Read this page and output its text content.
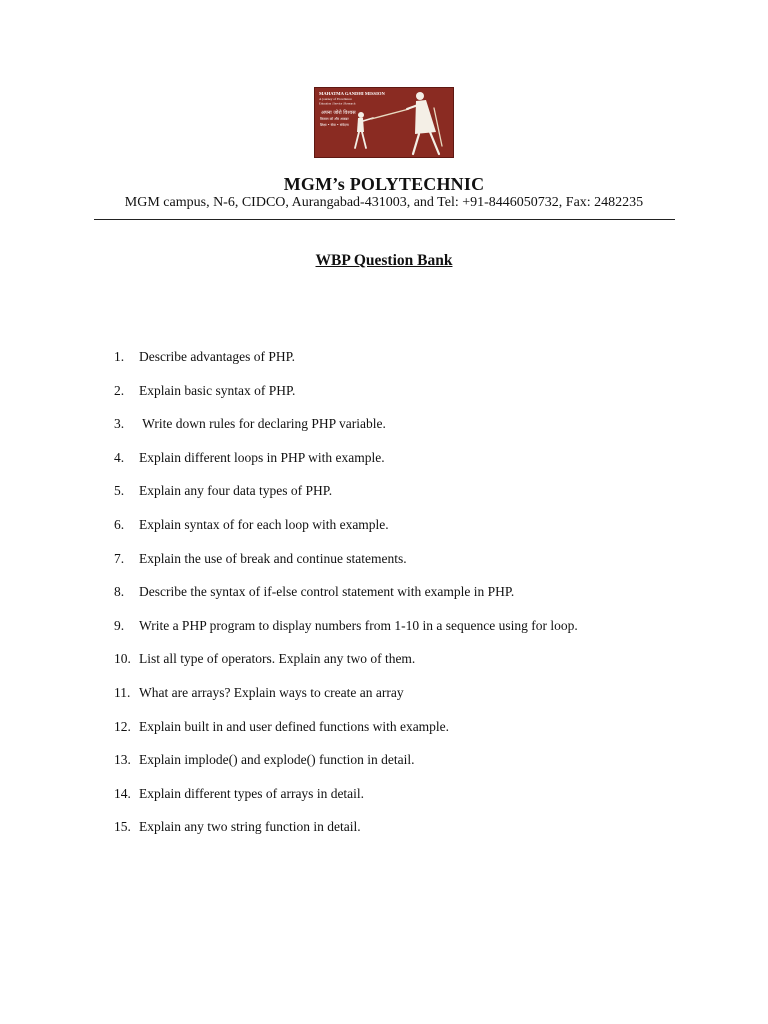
MAHATMA GANDHI MISSION
A journey of Excellence
Education | Service | Research
अपना जोरो विश्वस
किसान को और अकबर
शिक्षा • सेवा • संवेदना
MGM’s POLYTECHNIC
MGM campus, N-6, CIDCO, Aurangabad-431003, and Tel: +91-8446050732, Fax: 2482235
WBP Question Bank
1.	Describe advantages of PHP.
2.	Explain basic syntax of PHP.
3.	Write down rules for declaring PHP variable.
4.	Explain different loops in PHP with example.
5.	Explain any four data types of PHP.
6.	Explain syntax of for each loop with example.
7.	Explain the use of break and continue statements.
8.	Describe the syntax of if-else control statement with example in PHP.
9.	Write a PHP program to display numbers from 1-10 in a sequence using for loop.
10. List all type of operators. Explain any two of them.
11. What are arrays? Explain ways to create an array
12. Explain built in and user defined functions with example.
13. Explain implode() and explode() function in detail.
14. Explain different types of arrays in detail.
15. Explain any two string function in detail.
